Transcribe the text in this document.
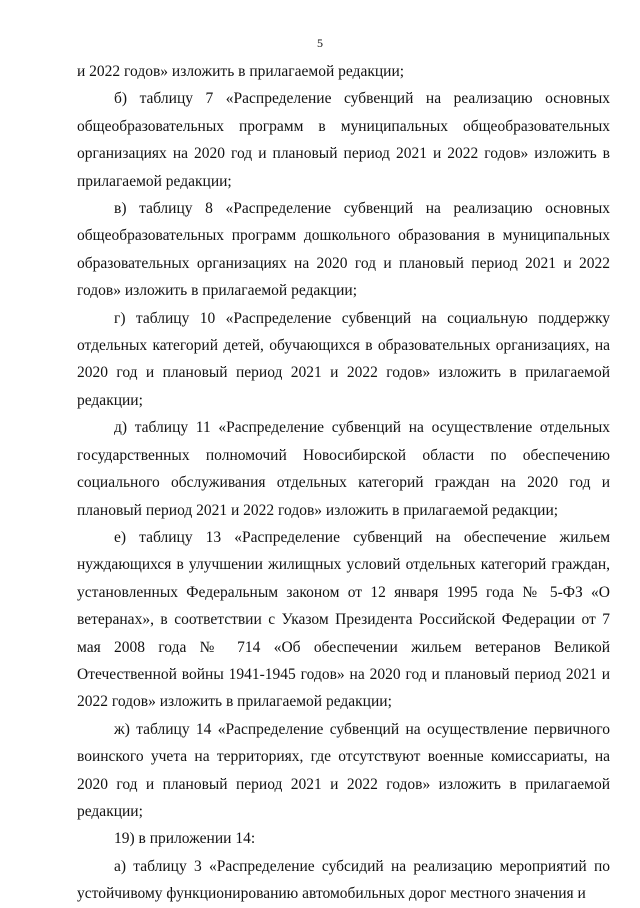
5

и 2022 годов» изложить в прилагаемой редакции;

б) таблицу 7 «Распределение субвенций на реализацию основных общеобразовательных программ в муниципальных общеобразовательных организациях на 2020 год и плановый период 2021 и 2022 годов» изложить в прилагаемой редакции;

в) таблицу 8 «Распределение субвенций на реализацию основных общеобразовательных программ дошкольного образования в муниципальных образовательных организациях на 2020 год и плановый период 2021 и 2022 годов» изложить в прилагаемой редакции;

г) таблицу 10 «Распределение субвенций на социальную поддержку отдельных категорий детей, обучающихся в образовательных организациях, на 2020 год и плановый период 2021 и 2022 годов» изложить в прилагаемой редакции;

д) таблицу 11 «Распределение субвенций на осуществление отдельных государственных полномочий Новосибирской области по обеспечению социального обслуживания отдельных категорий граждан на 2020 год и плановый период 2021 и 2022 годов» изложить в прилагаемой редакции;

е) таблицу 13 «Распределение субвенций на обеспечение жильем нуждающихся в улучшении жилищных условий отдельных категорий граждан, установленных Федеральным законом от 12 января 1995 года № 5-ФЗ «О ветеранах», в соответствии с Указом Президента Российской Федерации от 7 мая 2008 года № 714 «Об обеспечении жильем ветеранов Великой Отечественной войны 1941-1945 годов» на 2020 год и плановый период 2021 и 2022 годов» изложить в прилагаемой редакции;

ж) таблицу 14 «Распределение субвенций на осуществление первичного воинского учета на территориях, где отсутствуют военные комиссариаты, на 2020 год и плановый период 2021 и 2022 годов» изложить в прилагаемой редакции;

19) в приложении 14:

а) таблицу 3 «Распределение субсидий на реализацию мероприятий по устойчивому функционированию автомобильных дорог местного значения и
